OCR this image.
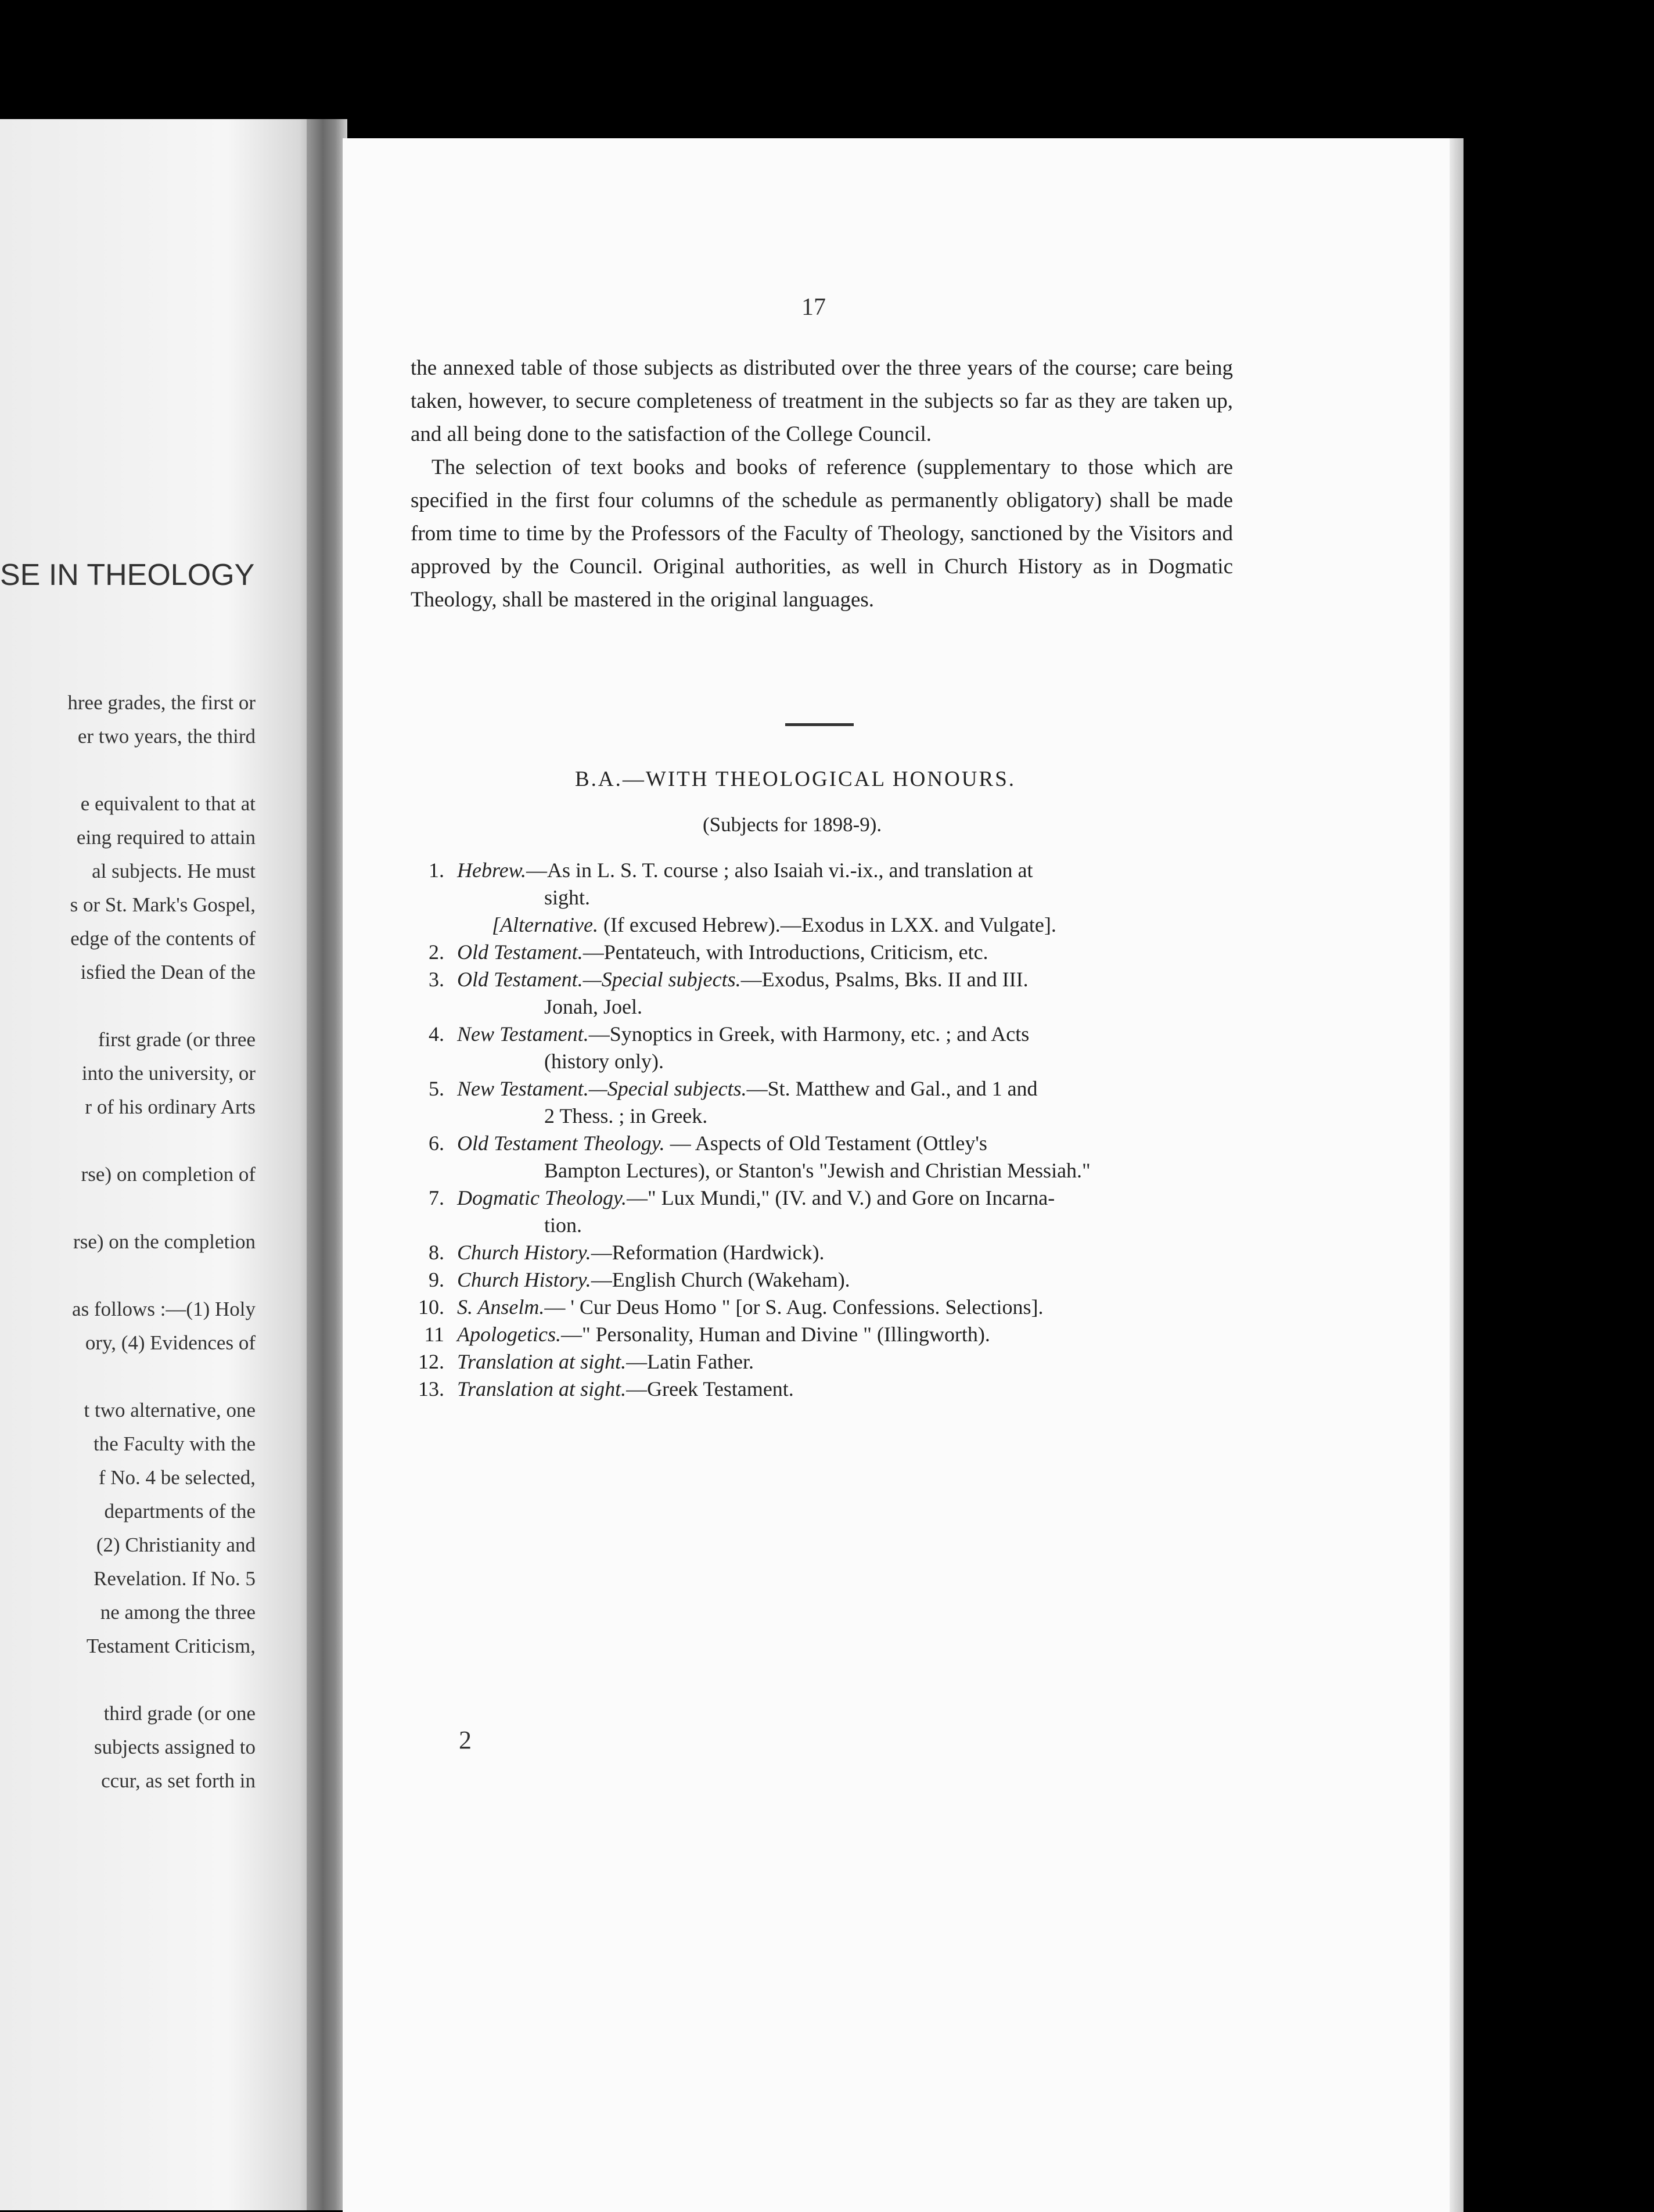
SE IN THEOLOGY
hree grades, the first or
er two years, the third
e equivalent to that at
eing required to attain
al subjects. He must
s or St. Mark's Gospel,
edge of the contents of
isfied the Dean of the
first grade (or three
into the university, or
r of his ordinary Arts
rse) on completion of
rse) on the completion
as follows :—(1) Holy
ory, (4) Evidences of
t two alternative, one
the Faculty with the
f No. 4 be selected,
departments of the
(2) Christianity and
Revelation. If No. 5
ne among the three
Testament Criticism,
third grade (or one
subjects assigned to
ccur, as set forth in
17

the annexed table of those subjects as distributed over the three years of the course; care being taken, however, to secure completeness of treatment in the subjects so far as they are taken up, and all being done to the satisfaction of the College Council.

The selection of text books and books of reference (supplementary to those which are specified in the first four columns of the schedule as permanently obligatory) shall be made from time to time by the Professors of the Faculty of Theology, sanctioned by the Visitors and approved by the Council. Original authorities, as well in Church History as in Dogmatic Theology, shall be mastered in the original languages.

B.A.—WITH THEOLOGICAL HONOURS.
(Subjects for 1898-9).
1. Hebrew.—As in L. S. T. course ; also Isaiah vi.-ix., and translation at
sight.
[Alternative. (If excused Hebrew).—Exodus in LXX. and Vulgate].
2. Old Testament.—Pentateuch, with Introductions, Criticism, etc.
3. Old Testament.—Special subjects.—Exodus, Psalms, Bks. II and III.
Jonah, Joel.
4. New Testament.—Synoptics in Greek, with Harmony, etc. ; and Acts
(history only).
5. New Testament.—Special subjects.—St. Matthew and Gal., and 1 and
2 Thess. ; in Greek.
6. Old Testament Theology. — Aspects of Old Testament (Ottley's
Bampton Lectures), or Stanton's "Jewish and Christian Messiah."
7. Dogmatic Theology.—" Lux Mundi," (IV. and V.) and Gore on Incarna-
tion.
8. Church History.—Reformation (Hardwick).
9. Church History.—English Church (Wakeham).
10. S. Anselm.— ' Cur Deus Homo " [or S. Aug. Confessions. Selections].
11 Apologetics.—" Personality, Human and Divine " (Illingworth).
12. Translation at sight.—Latin Father.
13. Translation at sight.—Greek Testament.
2
